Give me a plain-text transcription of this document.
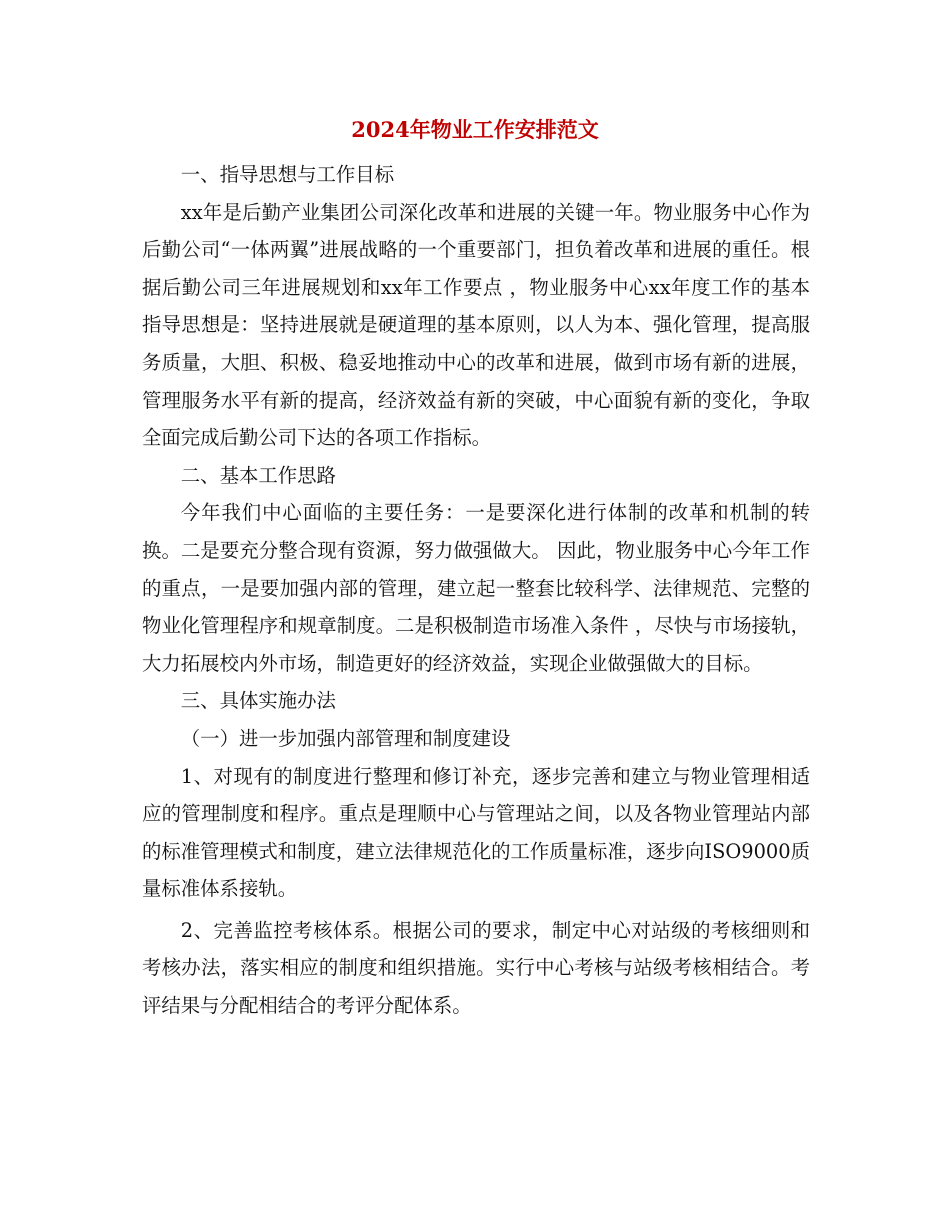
2024年物业工作安排范文

一、指导思想与工作目标

xx年是后勤产业集团公司深化改革和进展的关键一年。物业服务中心作为后勤公司“一体两翼”进展战略的一个重要部门，担负着改革和进展的重任。根据后勤公司三年进展规划和xx年工作要点 ，物业服务中心xx年度工作的基本指导思想是：坚持进展就是硬道理的基本原则，以人为本、强化管理，提高服务质量，大胆、积极、稳妥地推动中心的改革和进展，做到市场有新的进展，管理服务水平有新的提高，经济效益有新的突破，中心面貌有新的变化，争取全面完成后勤公司下达的各项工作指标。

二、基本工作思路

今年我们中心面临的主要任务：一是要深化进行体制的改革和机制的转换。二是要充分整合现有资源，努力做强做大。 因此，物业服务中心今年工作的重点，一是要加强内部的管理，建立起一整套比较科学、法律规范、完整的物业化管理程序和规章制度。二是积极制造市场准入条件 ，尽快与市场接轨，大力拓展校内外市场，制造更好的经济效益，实现企业做强做大的目标。

三、具体实施办法

（一）进一步加强内部管理和制度建设

1、对现有的制度进行整理和修订补充，逐步完善和建立与物业管理相适应的管理制度和程序。重点是理顺中心与管理站之间，以及各物业管理站内部的标准管理模式和制度，建立法律规范化的工作质量标准，逐步向ISO9000质量标准体系接轨。

2、完善监控考核体系。根据公司的要求，制定中心对站级的考核细则和考核办法，落实相应的制度和组织措施。实行中心考核与站级考核相结合。考评结果与分配相结合的考评分配体系。
